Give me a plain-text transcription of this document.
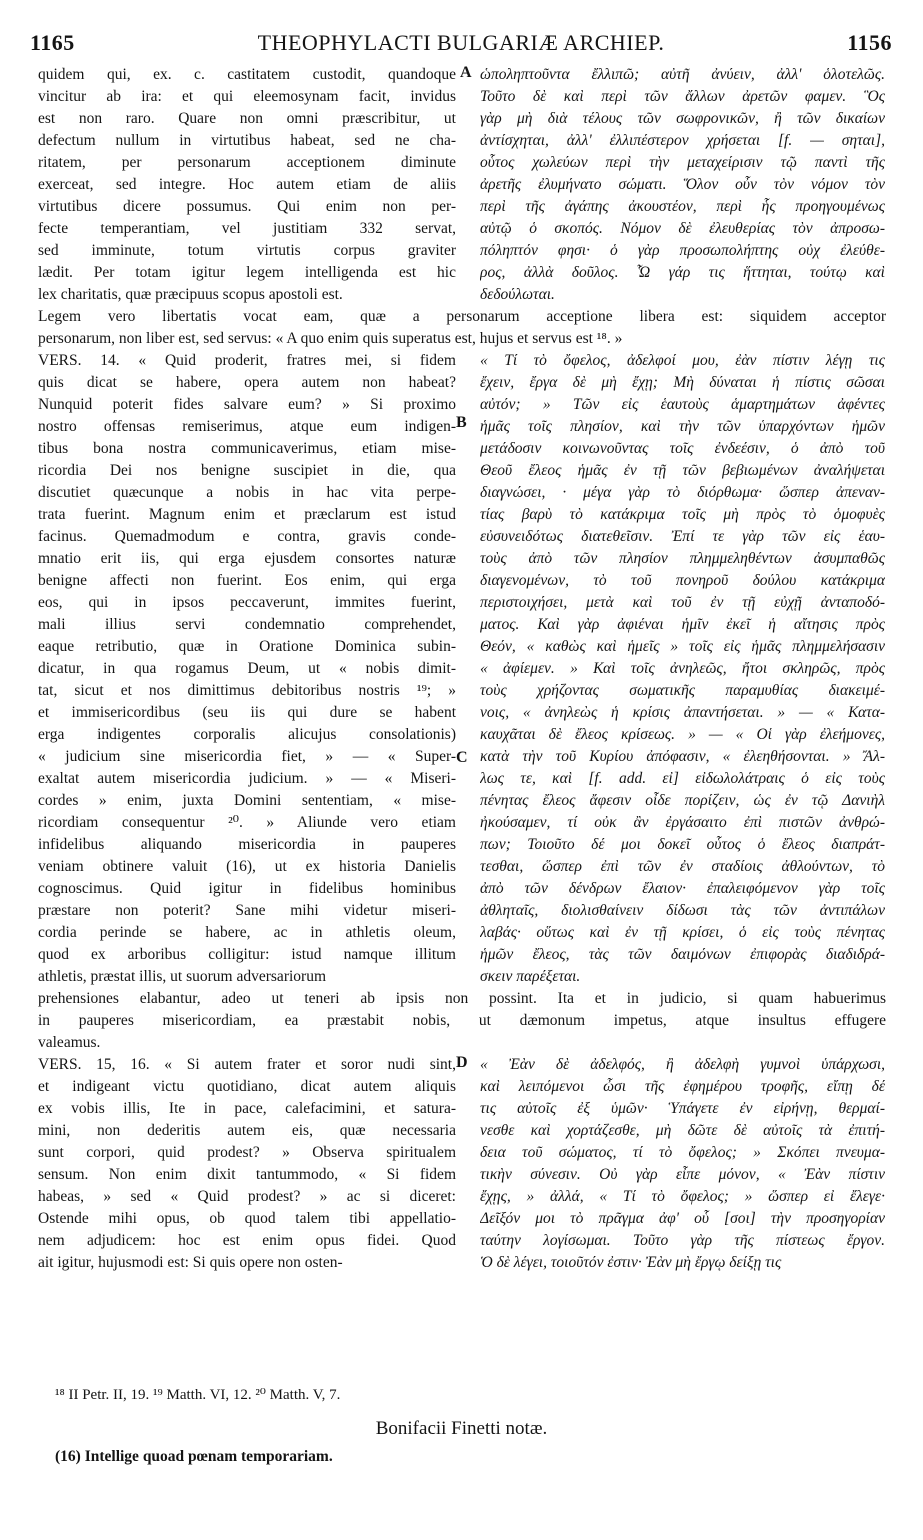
1165	THEOPHYLACTI BULGARIÆ ARCHIEP.	1156
quidem qui, ex. c. castitatem custodit, quandoque
vincitur ab ira: et qui eleemosynam facit, invidus
est non raro. Quare non omni præscribitur, ut
defectum nullum in virtutibus habeat, sed ne cha-
ritatem, per personarum acceptionem diminute
exerceat, sed integre. Hoc autem etiam de aliis
virtutibus dicere possumus. Qui enim non per-
fecte temperantiam, vel justitiam 332 servat,
sed imminute, totum virtutis corpus graviter
lædit. Per totam igitur legem intelligenda est hic
lex charitatis, quæ præcipuus scopus apostoli est.
A ὡποληπτοῦντα ἔλλιπῶ; αὐτῆ ἀνύειν, ἀλλ' ὁλοτελῶς.
Τοῦτο δὲ καὶ περὶ τῶν ἄλλων ἀρετῶν φαμεν. Ὃς
γὰρ μὴ διὰ τέλους τῶν σωφρονικῶν, ἢ τῶν δικαίων
ἀντίσχηται, ἀλλ' ἐλλιπέστερον χρήσεται [f. — σηται],
οὗτος χωλεύων περὶ τὴν μεταχείρισιν τῷ παντὶ τῆς
ἀρετῆς ἐλυμήνατο σώματι. Ὅλον οὖν τὸν νόμον τὸν
περὶ τῆς ἀγάπης ἀκουστέον, περὶ ἧς προηγουμένως
αὐτῷ ὁ σκοπός. Νόμον δὲ ἐλευθερίας τὸν ἀπροσω-
πόληπτόν φησι· ὁ γὰρ προσωπολήπτης οὐχ ἐλεύθε-
ρος, ἀλλὰ δοῦλος. Ὧ γάρ τις ἥττηται, τούτῳ καὶ
δεδούλωται.
Legem vero libertatis vocat eam, quæ a personarum acceptione libera est: siquidem acceptor
personarum, non liber est, sed servus: « A quo enim quis superatus est, hujus et servus est ¹⁸. »
VERS. 14. « Quid proderit, fratres mei, si fidem
quis dicat se habere, opera autem non habeat?
Nunquid poterit fides salvare eum? » Si proximo
nostro offensas remiserimus, atque eum indigen-
tibus bona nostra communicaverimus, etiam mise-
ricordia Dei nos benigne suscipiet in die, qua
discutiet quæcunque a nobis in hac vita perpe-
trata fuerint. Magnum enim et præclarum est istud
facinus. Quemadmodum e contra, gravis conde-
mnatio erit iis, qui erga ejusdem consortes naturæ
benigne affecti non fuerint. Eos enim, qui erga
eos, qui in ipsos peccaverunt, immites fuerint,
mali illius servi condemnatio comprehendet,
eaque retributio, quæ in Oratione Dominica subin-
dicatur, in qua rogamus Deum, ut « nobis dimit-
tat, sicut et nos dimittimus debitoribus nostris ¹⁹; »
et immisericordibus (seu iis qui dure se habent
erga indigentes corporalis alicujus consolationis)
« judicium sine misericordia fiet, » — « Super-
exaltat autem misericordia judicium. » — « Miseri-
cordes » enim, juxta Domini sententiam, « mise-
ricordiam consequentur ²⁰. » Aliunde vero etiam
infidelibus aliquando misericordia in pauperes
veniam obtinere valuit (16), ut ex historia Danielis
cognoscimus. Quid igitur in fidelibus hominibus
præstare non poterit? Sane mihi videtur miseri-
cordia perinde se habere, ac in athletis oleum,
quod ex arboribus colligitur: istud namque illitum
athletis, præstat illis, ut suorum adversariorum
B
C
« Τί τὸ ὄφελος, ἀδελφοί μου, ἐὰν πίστιν λέγῃ τις
ἔχειν, ἔργα δὲ μὴ ἔχῃ; Μὴ δύναται ἡ πίστις σῶσαι
αὐτόν; » Τῶν εἰς ἑαυτοὺς ἁμαρτημάτων ἀφέντες
ἡμᾶς τοῖς πλησίον, καὶ τὴν τῶν ὑπαρχόντων ἡμῶν
μετάδοσιν κοινωνοῦντας τοῖς ἐνδεέσιν, ὁ ἀπὸ τοῦ
Θεοῦ ἔλεος ἡμᾶς ἐν τῇ τῶν βεβιωμένων ἀναλήψεται
διαγνώσει, · μέγα γὰρ τὸ διόρθωμα· ὥσπερ ἀπεναν-
τίας βαρὺ τὸ κατάκριμα τοῖς μὴ πρὸς τὸ ὁμοφυὲς
εὐσυνειδότως διατεθεῖσιν. Ἐπί τε γὰρ τῶν εἰς ἑαυ-
τοὺς ἀπὸ τῶν πλησίον πλημμεληθέντων ἀσυμπαθῶς
διαγενομένων, τὸ τοῦ πονηροῦ δούλου κατάκριμα
περιστοιχήσει, μετὰ καὶ τοῦ ἐν τῇ εὐχῇ ἀνταποδό-
ματος. Καὶ γὰρ ἀφιέναι ἡμῖν ἐκεῖ ἡ αἴτησις πρὸς
Θεόν, « καθὼς καὶ ἡμεῖς » τοῖς εἰς ἡμᾶς πλημμελήσασιν
« ἀφίεμεν. » Καὶ τοῖς ἀνηλεῶς, ἤτοι σκληρῶς, πρὸς
τοὺς χρήζοντας σωματικῆς παραμυθίας διακειμέ-
νοις, « ἀνηλεὼς ἡ κρίσις ἀπαντήσεται. » — « Κατα-
καυχᾶται δὲ ἔλεος κρίσεως. » — « Οἱ γὰρ ἐλεήμονες,
κατὰ τὴν τοῦ Κυρίου ἀπόφασιν, « ἐλεηθήσονται. » Ἄλ-
λως τε, καὶ [f. add. εἰ] εἰδωλολάτραις ὁ εἰς τοὺς
πένητας ἔλεος ἄφεσιν οἶδε πορίζειν, ὡς ἐν τῷ Δανιὴλ
ἠκούσαμεν, τί οὐκ ἂν ἐργάσαιτο ἐπὶ πιστῶν ἀνθρώ-
πων; Τοιοῦτο δέ μοι δοκεῖ οὗτος ὁ ἔλεος διαπράτ-
τεσθαι, ὥσπερ ἐπὶ τῶν ἐν σταδίοις ἀθλούντων, τὸ
ἀπὸ τῶν δένδρων ἔλαιον· ἐπαλειφόμενον γὰρ τοῖς
ἀθληταῖς, διολισθαίνειν δίδωσι τὰς τῶν ἀντιπάλων
λαβάς· οὕτως καὶ ἐν τῇ κρίσει, ὁ εἰς τοὺς πένητας
ἡμῶν ἔλεος, τὰς τῶν δαιμόνων ἐπιφορὰς διαδιδρά-
σκειν παρέξεται.
prehensiones elabantur, adeo ut teneri ab ipsis non possint. Ita et in judicio, si quam habuerimus
in pauperes misericordiam, ea præstabit nobis, ut dæmonum impetus, atque insultus effugere
valeamus.
VERS. 15, 16. « Si autem frater et soror nudi sint,
et indigeant victu quotidiano, dicat autem aliquis
ex vobis illis, Ite in pace, calefacimini, et satura-
mini, non dederitis autem eis, quæ necessaria
sunt corpori, quid prodest? » Observa spiritualem
sensum. Non enim dixit tantummodo, « Si fidem
habeas, » sed « Quid prodest? » ac si diceret:
Ostende mihi opus, ob quod talem tibi appellatio-
nem adjudicem: hoc est enim opus fidei. Quod
ait igitur, hujusmodi est: Si quis opere non osten-
D « Ἐὰν δὲ ἀδελφός, ἢ ἀδελφὴ γυμνοὶ ὑπάρχωσι,
καὶ λειπόμενοι ὦσι τῆς ἐφημέρου τροφῆς, εἴπῃ δέ
τις αὐτοῖς ἐξ ὑμῶν· Ὑπάγετε ἐν εἰρήνῃ, θερμαί-
νεσθε καὶ χορτάζεσθε, μὴ δῶτε δὲ αὐτοῖς τὰ ἐπιτή-
δεια τοῦ σώματος, τί τὸ ὄφελος; » Σκόπει πνευμα-
τικὴν σύνεσιν. Οὐ γὰρ εἶπε μόνον, « Ἐὰν πίστιν
ἔχῃς, » ἀλλά, « Τί τὸ ὄφελος; » ὥσπερ εἰ ἔλεγε·
Δεῖξόν μοι τὸ πρᾶγμα ἀφ' οὗ [σοι] τὴν προσηγορίαν
ταύτην λογίσωμαι. Τοῦτο γὰρ τῆς πίστεως ἔργον.
Ὁ δὲ λέγει, τοιοῦτόν ἐστιν· Ἐὰν μὴ ἔργῳ δείξῃ τις
¹⁸ II Petr. II, 19. ¹⁹ Matth. VI, 12. ²⁰ Matth. V, 7.
Bonifacii Finetti notæ.
(16) Intellige quoad pœnam temporariam.
